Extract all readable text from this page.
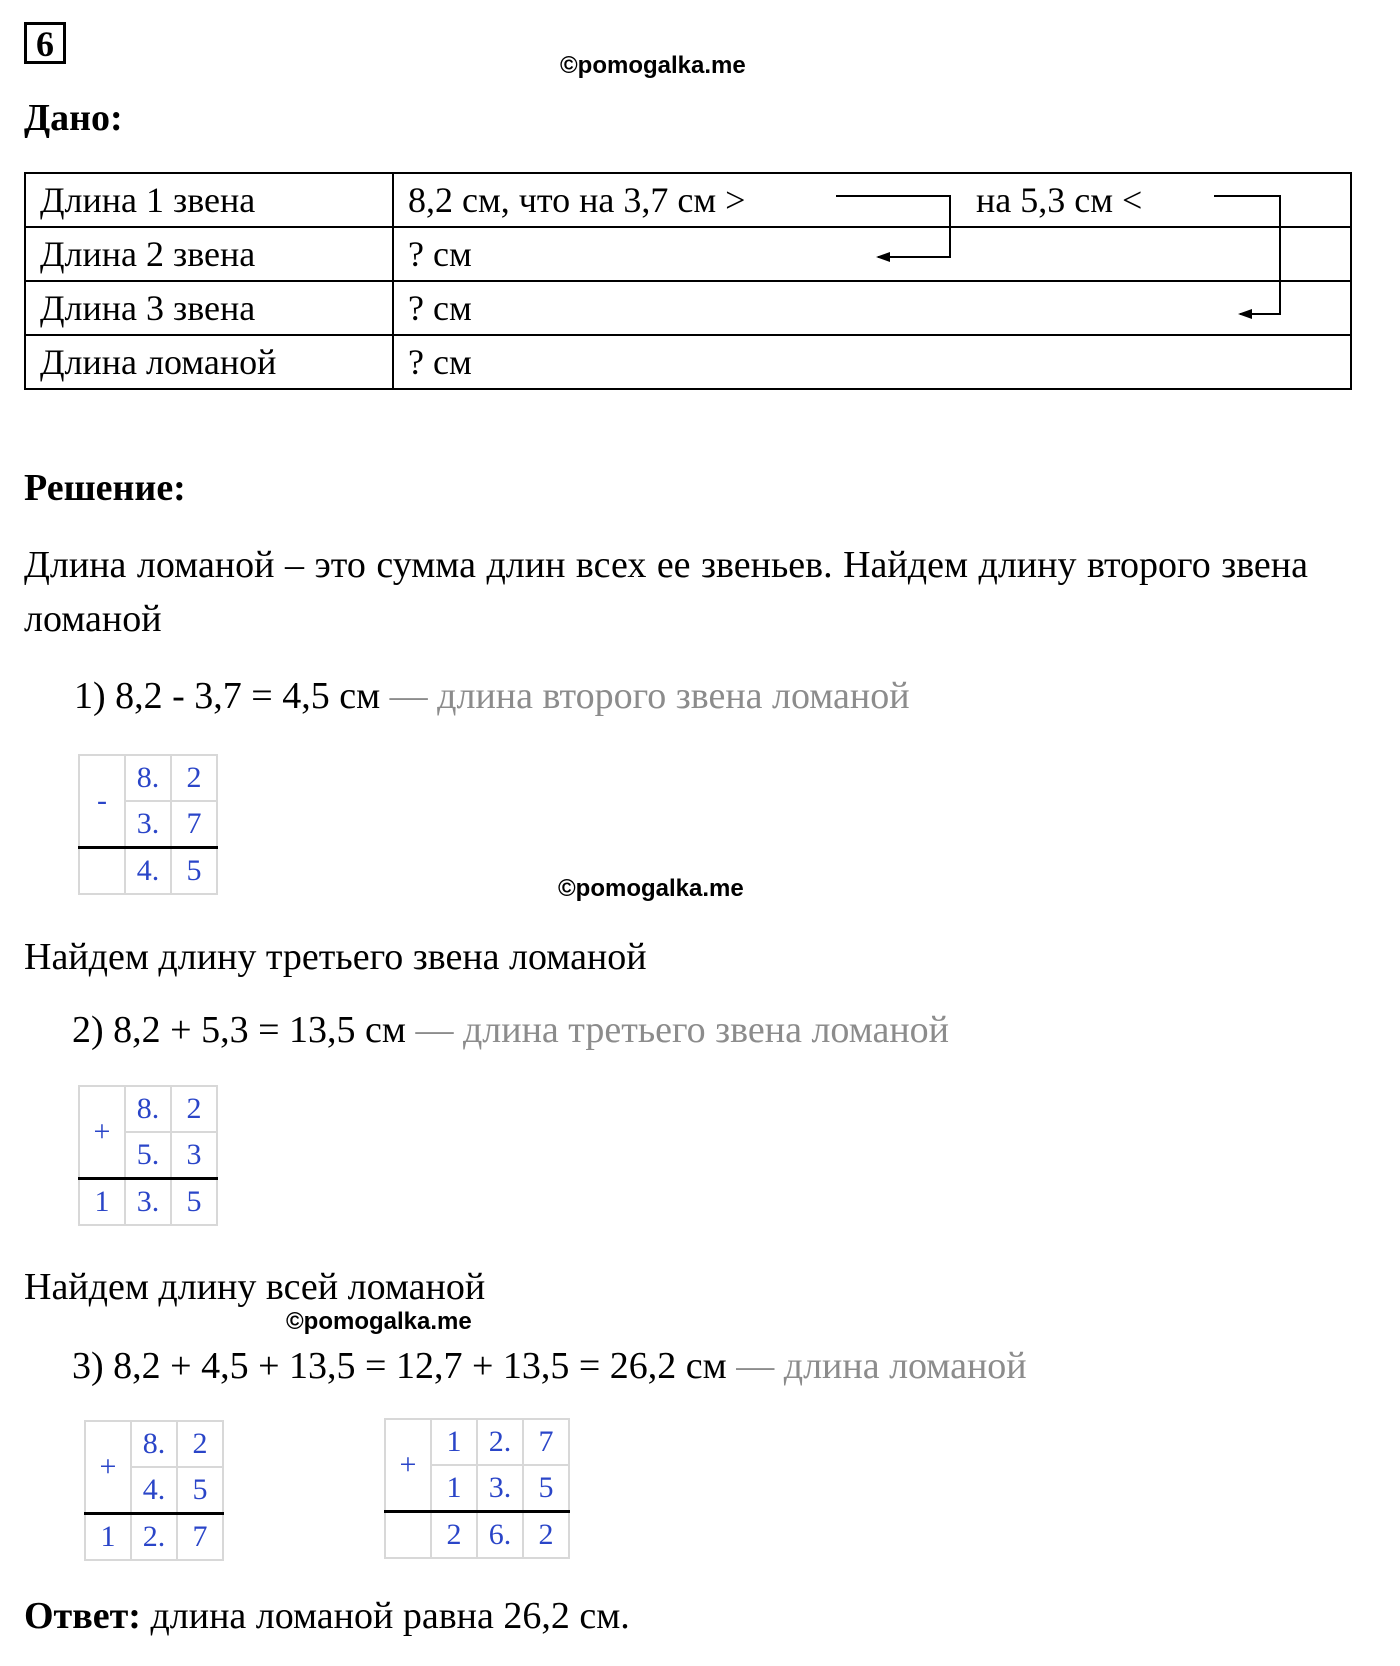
6
©pomogalka.me
Дано:
Длина 1 звена	8,2 см, что на 3,7 см > на 5,3 см <

Длина 2 звена	? см
Длина 3 звена	? см
Длина ломаной	? см
Решение:
Длина ломаной – это сумма длин всех ее звеньев. Найдем длину второго звена ломаной
1) 8,2 - 3,7 = 4,5 см — длина второго звена ломаной
-	8.	2
	3.	7
	4.	5
©pomogalka.me
Найдем длину третьего звена ломаной
2) 8,2 + 5,3 = 13,5 см — длина третьего звена ломаной
+	8.	2
	5.	3
1	3.	5
Найдем длину всей ломаной
©pomogalka.me
3) 8,2 + 4,5 + 13,5 = 12,7 + 13,5 = 26,2 см — длина ломаной
+	8.	2
	4.	5
1	2.	7
+	1	2.	7
	1	3.	5
	2	6.	2
Ответ: длина ломаной равна 26,2 см.
